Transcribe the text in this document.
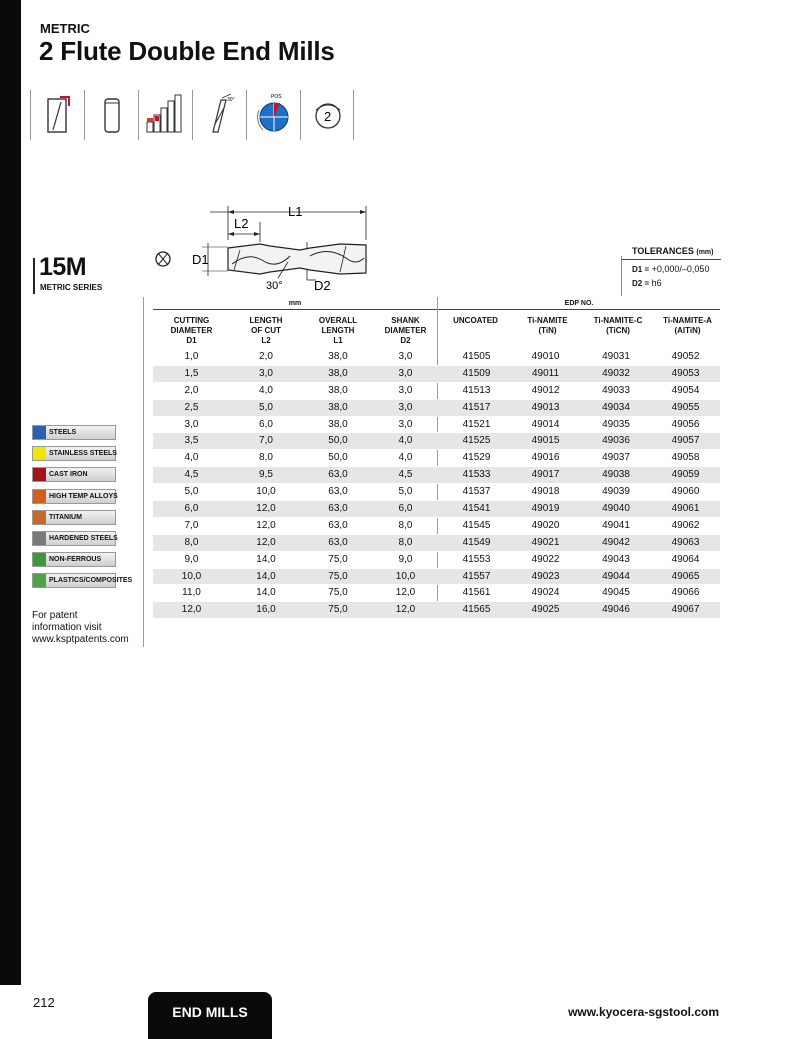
METRIC
2 Flute Double End Mills
30°	POS
2
L1
L2
D1
D2
30°
15M
METRIC SERIES
TOLERANCES (mm)
D1 = +0,000/–0,050
D2 = h6
mm	EDP NO.
CUTTING
DIAMETER
D1
LENGTH
OF CUT
L2
OVERALL
LENGTH
L1
SHANK
DIAMETER
D2
UNCOATED	Ti-NAMITE
(TiN)
Ti-NAMITE-C
(TiCN)
Ti-NAMITE-A
(AlTiN)
1,0	2,0	38,0	3,0	41505	49010	49031	49052
1,5	3,0	38,0	3,0	41509	49011	49032	49053
2,0	4,0	38,0	3,0	41513	49012	49033	49054
2,5	5,0	38,0	3,0	41517	49013	49034	49055
3,0	6,0	38,0	3,0	41521	49014	49035	49056
3,5	7,0	50,0	4,0	41525	49015	49036	49057
4,0	8,0	50,0	4,0	41529	49016	49037	49058
4,5	9,5	63,0	4,5	41533	49017	49038	49059
5,0	10,0	63,0	5,0	41537	49018	49039	49060
6,0	12,0	63,0	6,0	41541	49019	49040	49061
7,0	12,0	63,0	8,0	41545	49020	49041	49062
8,0	12,0	63,0	8,0	41549	49021	49042	49063
9,0	14,0	75,0	9,0	41553	49022	49043	49064
10,0	14,0	75,0	10,0	41557	49023	49044	49065
11,0	14,0	75,0	12,0	41561	49024	49045	49066
12,0	16,0	75,0	12,0	41565	49025	49046	49067
STEELS
STAINLESS STEELS
CAST IRON
HIGH TEMP ALLOYS
TITANIUM
HARDENED STEELS
NON-FERROUS
PLASTICS/COMPOSITES
For patent
information visit
www.ksptpatents.com
212
END MILLS	www.kyocera-sgstool.com
